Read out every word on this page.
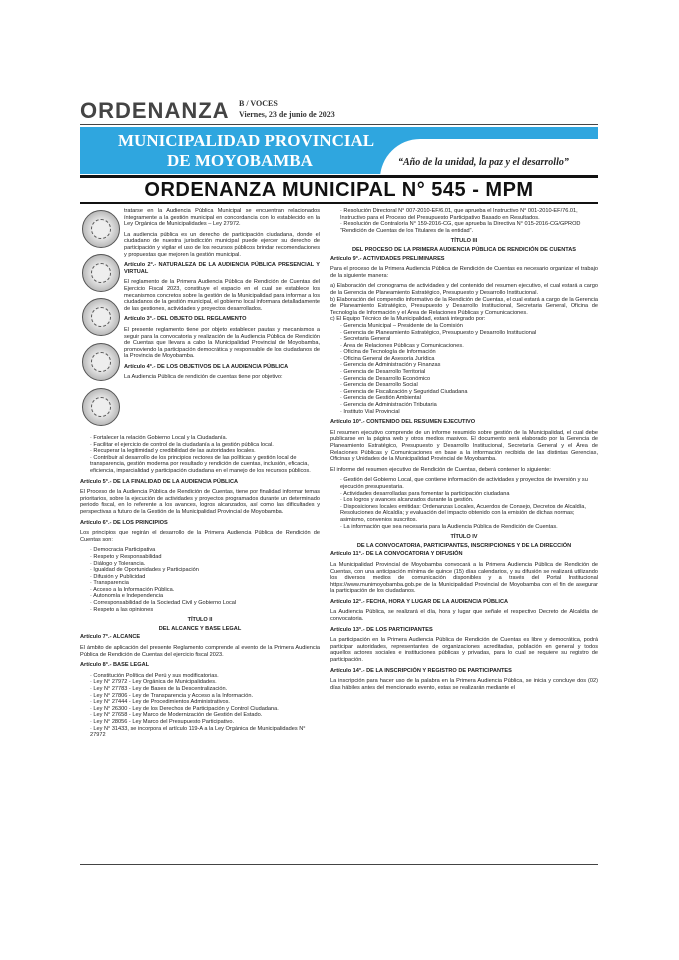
ORDENANZA B / VOCES
Viernes, 23 de junio de 2023
MUNICIPALIDAD PROVINCIAL
DE MOYOBAMBA	“Año de la unidad, la paz y el desarrollo”
ORDENANZA MUNICIPAL N° 545 - MPM

tratarse en la Audiencia Pública Municipal se encuentran relacionados íntegramente a la gestión municipal en concordancia con lo establecido en la Ley Orgánica de Municipalidades – Ley 27972.

La audiencia pública es un derecho de participación ciudadana, donde el ciudadano de nuestra jurisdicción municipal puede ejercer su derecho de participación y vigilar el uso de los recursos públicos brindar recomendaciones y propuestas que mejoren la gestión municipal.

Artículo 2°.- NATURALEZA DE LA AUDIENCIA PÚBLICA PRESENCIAL Y VIRTUAL

El reglamento de la Primera Audiencia Pública de Rendición de Cuentas del Ejercicio Fiscal 2023, constituye el espacio en el cual se establece los mecanismos concretos sobre la gestión de la Municipalidad para informar a los ciudadanos de la gestión municipal, el gobierno local informara detalladamente de las gestiones, actividades y proyectos desarrollados.

Artículo 3°.- DEL OBJETO DEL REGLAMENTO

El presente reglamento tiene por objeto establecer pautas y mecanismos a seguir para la convocatoria y realización de la Audiencia Pública de Rendición de Cuentas que llevara a cabo la Municipalidad Provincial de Moyobamba, promoviendo la participación democrática y responsable de los ciudadanos de la Provincia de Moyobamba.

Artículo 4°.- DE LOS OBJETIVOS DE LA AUDIENCIA PÚBLICA

La Audiencia Pública de rendición de cuentas tiene por objetivo:

· Fortalecer la relación Gobierno Local y la Ciudadanía.
· Facilitar el ejercicio de control de la ciudadanía a la gestión pública local.
· Recuperar la legitimidad y credibilidad de las autoridades locales.
· Contribuir al desarrollo de los principios rectores de las políticas y gestión local de transparencia, gestión moderna por resultado y rendición de cuentas, inclusión, eficacia, eficiencia, imparcialidad y participación ciudadana en el manejo de los recursos públicos.

Artículo 5°.- DE LA FINALIDAD DE LA AUDIENCIA PÚBLICA

El Proceso de la Audiencia Pública de Rendición de Cuentas, tiene por finalidad informar temas prioritarios, sobre la ejecución de actividades y proyectos programados durante un determinado periodo fiscal, en lo referente a los avances, logros alcanzados, así como las dificultades y perspectivas a futuro de la Gestión de la Municipalidad Provincial de Moyobamba.

Artículo 6°.- DE LOS PRINCIPIOS

Los principios que regirán el desarrollo de la Primera Audiencia Pública de Rendición de Cuentas son:

· Democracia Participativa
· Respeto y Responsabilidad
· Diálogo y Tolerancia.
· Igualdad de Oportunidades y Participación
· Difusión y Publicidad
· Transparencia
· Acceso a la Información Pública.
· Autonomía e Independencia
· Corresponsabilidad de la Sociedad Civil y Gobierno Local
· Respeto a las opiniones
TÍTULO II
DEL ALCANCE Y BASE LEGAL

Artículo 7°.- ALCANCE

El ámbito de aplicación del presente Reglamento comprende al evento de la Primera Audiencia Pública de Rendición de Cuentas del ejercicio fiscal 2023.

Artículo 8°.- BASE LEGAL

· Constitución Política del Perú y sus modificatorias.
· Ley N° 27972 - Ley Orgánica de Municipalidades.
· Ley N° 27783 - Ley de Bases de la Descentralización.
· Ley N° 27806 - Ley de Transparencia y Acceso a la Información.
· Ley N° 27444 - Ley de Procedimientos Administrativos.
· Ley N° 26300 - Ley de los Derechos de Participación y Control Ciudadana.
· Ley N° 27658 - Ley Marco de Modernización de Gestión del Estado.
· Ley N° 28056 - Ley Marco del Presupuesto Participativo.
· Ley N° 31433, se incorpora el artículo 119-A a la Ley Orgánica de Municipalidades N° 27972
· Resolución Directoral N° 007-2010-EF/6.01, que aprueba el Instructivo N° 001-2010-EF/76.01, Instructivo para el Proceso del Presupuesto Participativo Basado en Resultados.
· Resolución de Contraloría N° 159-2016-CG, que aprueba la Directiva N° 015-2016-CG/GPROD “Rendición de Cuentas de los Titulares de la entidad”.
TÍTULO III
DEL PROCESO DE LA PRIMERA AUDIENCIA PÚBLICA DE RENDICIÓN DE CUENTAS

Artículo 9°.- ACTIVIDADES PRELIMINARES

Para el proceso de la Primera Audiencia Pública de Rendición de Cuentas es necesario organizar el trabajo de la siguiente manera:

a) Elaboración del cronograma de actividades y del contenido del resumen ejecutivo, el cual estará a cargo de la Gerencia de Planeamiento Estratégico, Presupuesto y Desarrollo Institucional.

b) Elaboración del compendio informativo de la Rendición de Cuentas, el cual estará a cargo de la Gerencia de Planeamiento Estratégico, Presupuesto y Desarrollo Institucional, Secretaria General, Oficina de Tecnología de Información y el Área de Relaciones Públicas y Comunicaciones.

c) El Equipo Técnico de la Municipalidad, estará integrado por:

· Gerencia Municipal – Presidente de la Comisión
· Gerencia de Planeamiento Estratégico, Presupuesto y Desarrollo Institucional
· Secretaria General
· Área de Relaciones Públicas y Comunicaciones.
· Oficina de Tecnología de Información
· Oficina General de Asesoría Jurídica
· Gerencia de Administración y Finanzas
· Gerencia de Desarrollo Territorial
· Gerencia de Desarrollo Económico
· Gerencia de Desarrollo Social
· Gerencia de Fiscalización y Seguridad Ciudadana
· Gerencia de Gestión Ambiental
· Gerencia de Administración Tributaria
· Instituto Vial Provincial

Artículo 10°.- CONTENIDO DEL RESUMEN EJECUTIVO

El resumen ejecutivo comprende de un informe resumido sobre gestión de la Municipalidad, el cual debe publicarse en la página web y otros medios masivos. El documento será elaborado por la Gerencia de Planeamiento Estratégico, Presupuesto y Desarrollo Institucional, Secretaría General y el Área de Relaciones Públicas y Comunicaciones en base a la información recibida de las distintas Gerencias, Oficinas y Unidades de la Municipalidad Provincial de Moyobamba.

El informe del resumen ejecutivo de Rendición de Cuentas, deberá contener lo siguiente:

· Gestión del Gobierno Local, que contiene información de actividades y proyectos de inversión y su ejecución presupuestaria.
· Actividades desarrolladas para fomentar la participación ciudadana
· Los logros y avances alcanzados durante la gestión.
· Disposiciones locales emitidas: Ordenanzas Locales, Acuerdos de Consejo, Decretos de Alcaldía, Resoluciones de Alcaldía; y evaluación del impacto obtenido con la emisión de dichas normas; asimismo, convenios suscritos.
· La información que sea necesaria para la Audiencia Pública de Rendición de Cuentas.
TÍTULO IV
DE LA CONVOCATORIA, PARTICIPANTES, INSCRIPCIONES Y DE LA DIRECCIÓN

Artículo 11°.- DE LA CONVOCATORIA Y DIFUSIÓN

La Municipalidad Provincial de Moyobamba convocará a la Primera Audiencia Pública de Rendición de Cuentas, con una anticipación mínima de quince (15) días calendarios, y su difusión se realizará utilizando los diversos medios de comunicación disponibles y a través del Portal Institucional https://www.munimoyobamba.gob.pe de la Municipalidad Provincial de Moyobamba con el fin de asegurar la participación de los ciudadanos.

Artículo 12°.- FECHA, HORA Y LUGAR DE LA AUDIENCIA PÚBLICA

La Audiencia Pública, se realizará el día, hora y lugar que señale el respectivo Decreto de Alcaldía de convocatoria.

Artículo 13°.- DE LOS PARTICIPANTES

La participación en la Primera Audiencia Pública de Rendición de Cuentas es libre y democrática, podrá participar autoridades, representantes de organizaciones acreditadas, población en general y todos aquellos actores sociales e instituciones públicas y privadas, para lo cual se requiere su registro de participación.

Artículo 14°.- DE LA INSCRIPCIÓN Y REGISTRO DE PARTICIPANTES

La inscripción para hacer uso de la palabra en la Primera Audiencia Pública, se inicia y concluye dos (02) días hábiles antes del mencionado evento, estas se realizarán mediante el
